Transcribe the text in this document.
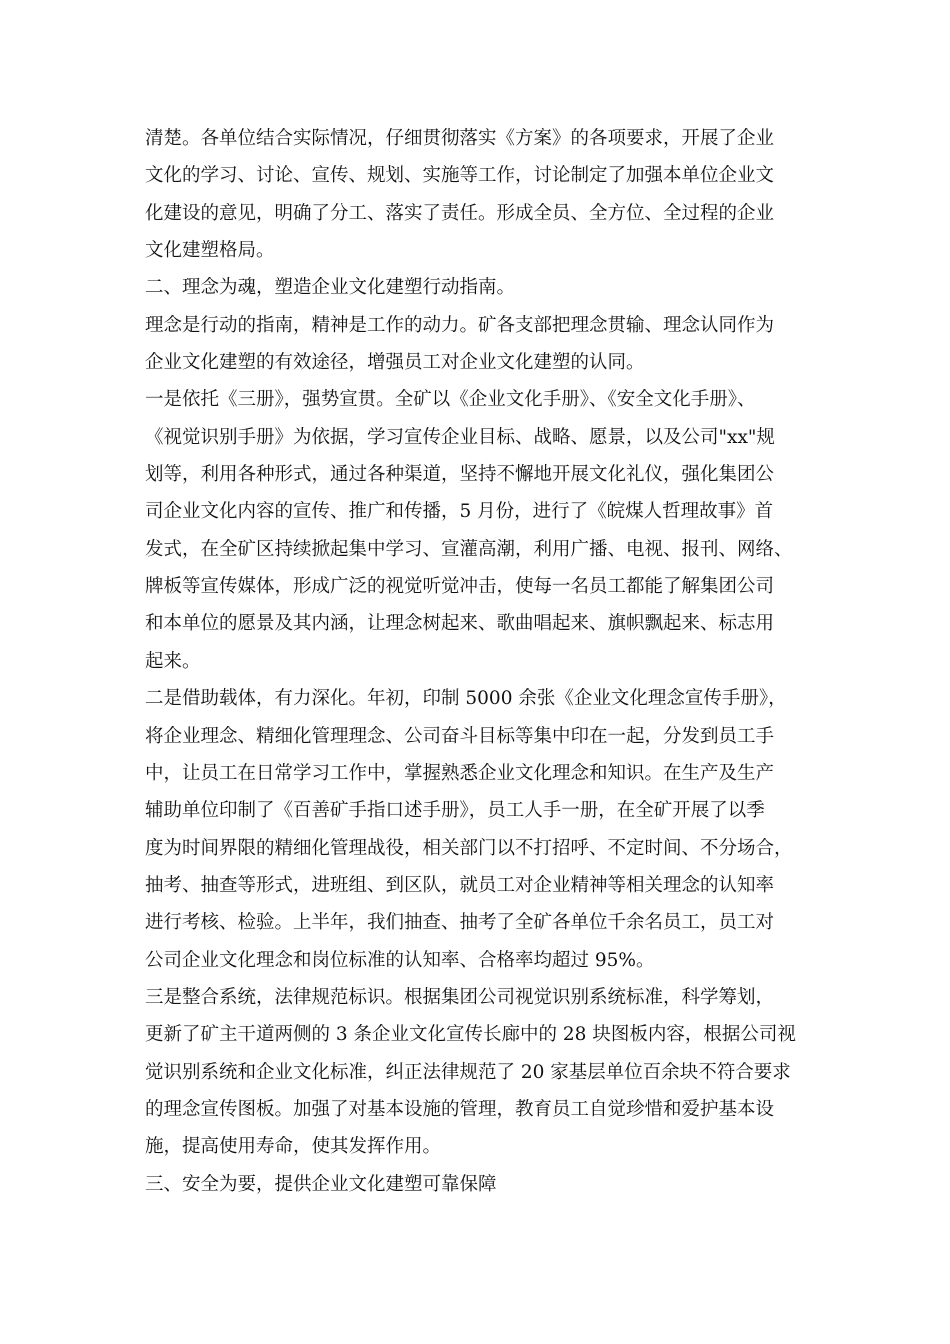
清楚。各单位结合实际情况，仔细贯彻落实《方案》的各项要求，开展了企业
文化的学习、讨论、宣传、规划、实施等工作，讨论制定了加强本单位企业文
化建设的意见，明确了分工、落实了责任。形成全员、全方位、全过程的企业
文化建塑格局。
二、理念为魂，塑造企业文化建塑行动指南。
理念是行动的指南，精神是工作的动力。矿各支部把理念贯输、理念认同作为
企业文化建塑的有效途径，增强员工对企业文化建塑的认同。
一是依托《三册》，强势宣贯。全矿以《企业文化手册》、《安全文化手册》、
《视觉识别手册》为依据，学习宣传企业目标、战略、愿景，以及公司"xx"规
划等，利用各种形式，通过各种渠道，坚持不懈地开展文化礼仪，强化集团公
司企业文化内容的宣传、推广和传播，5 月份，进行了《皖煤人哲理故事》首
发式，在全矿区持续掀起集中学习、宣灌高潮，利用广播、电视、报刊、网络、
牌板等宣传媒体，形成广泛的视觉听觉冲击，使每一名员工都能了解集团公司
和本单位的愿景及其内涵，让理念树起来、歌曲唱起来、旗帜飘起来、标志用
起来。
二是借助载体，有力深化。年初，印制 5000 余张《企业文化理念宣传手册》，
将企业理念、精细化管理理念、公司奋斗目标等集中印在一起，分发到员工手
中，让员工在日常学习工作中，掌握熟悉企业文化理念和知识。在生产及生产
辅助单位印制了《百善矿手指口述手册》，员工人手一册，在全矿开展了以季
度为时间界限的精细化管理战役，相关部门以不打招呼、不定时间、不分场合，
抽考、抽查等形式，进班组、到区队，就员工对企业精神等相关理念的认知率
进行考核、检验。上半年，我们抽查、抽考了全矿各单位千余名员工，员工对
公司企业文化理念和岗位标准的认知率、合格率均超过 95%。
三是整合系统，法律规范标识。根据集团公司视觉识别系统标准，科学筹划，
更新了矿主干道两侧的 3 条企业文化宣传长廊中的 28 块图板内容，根据公司视
觉识别系统和企业文化标准，纠正法律规范了 20 家基层单位百余块不符合要求
的理念宣传图板。加强了对基本设施的管理，教育员工自觉珍惜和爱护基本设
施，提高使用寿命，使其发挥作用。
三、安全为要，提供企业文化建塑可靠保障
